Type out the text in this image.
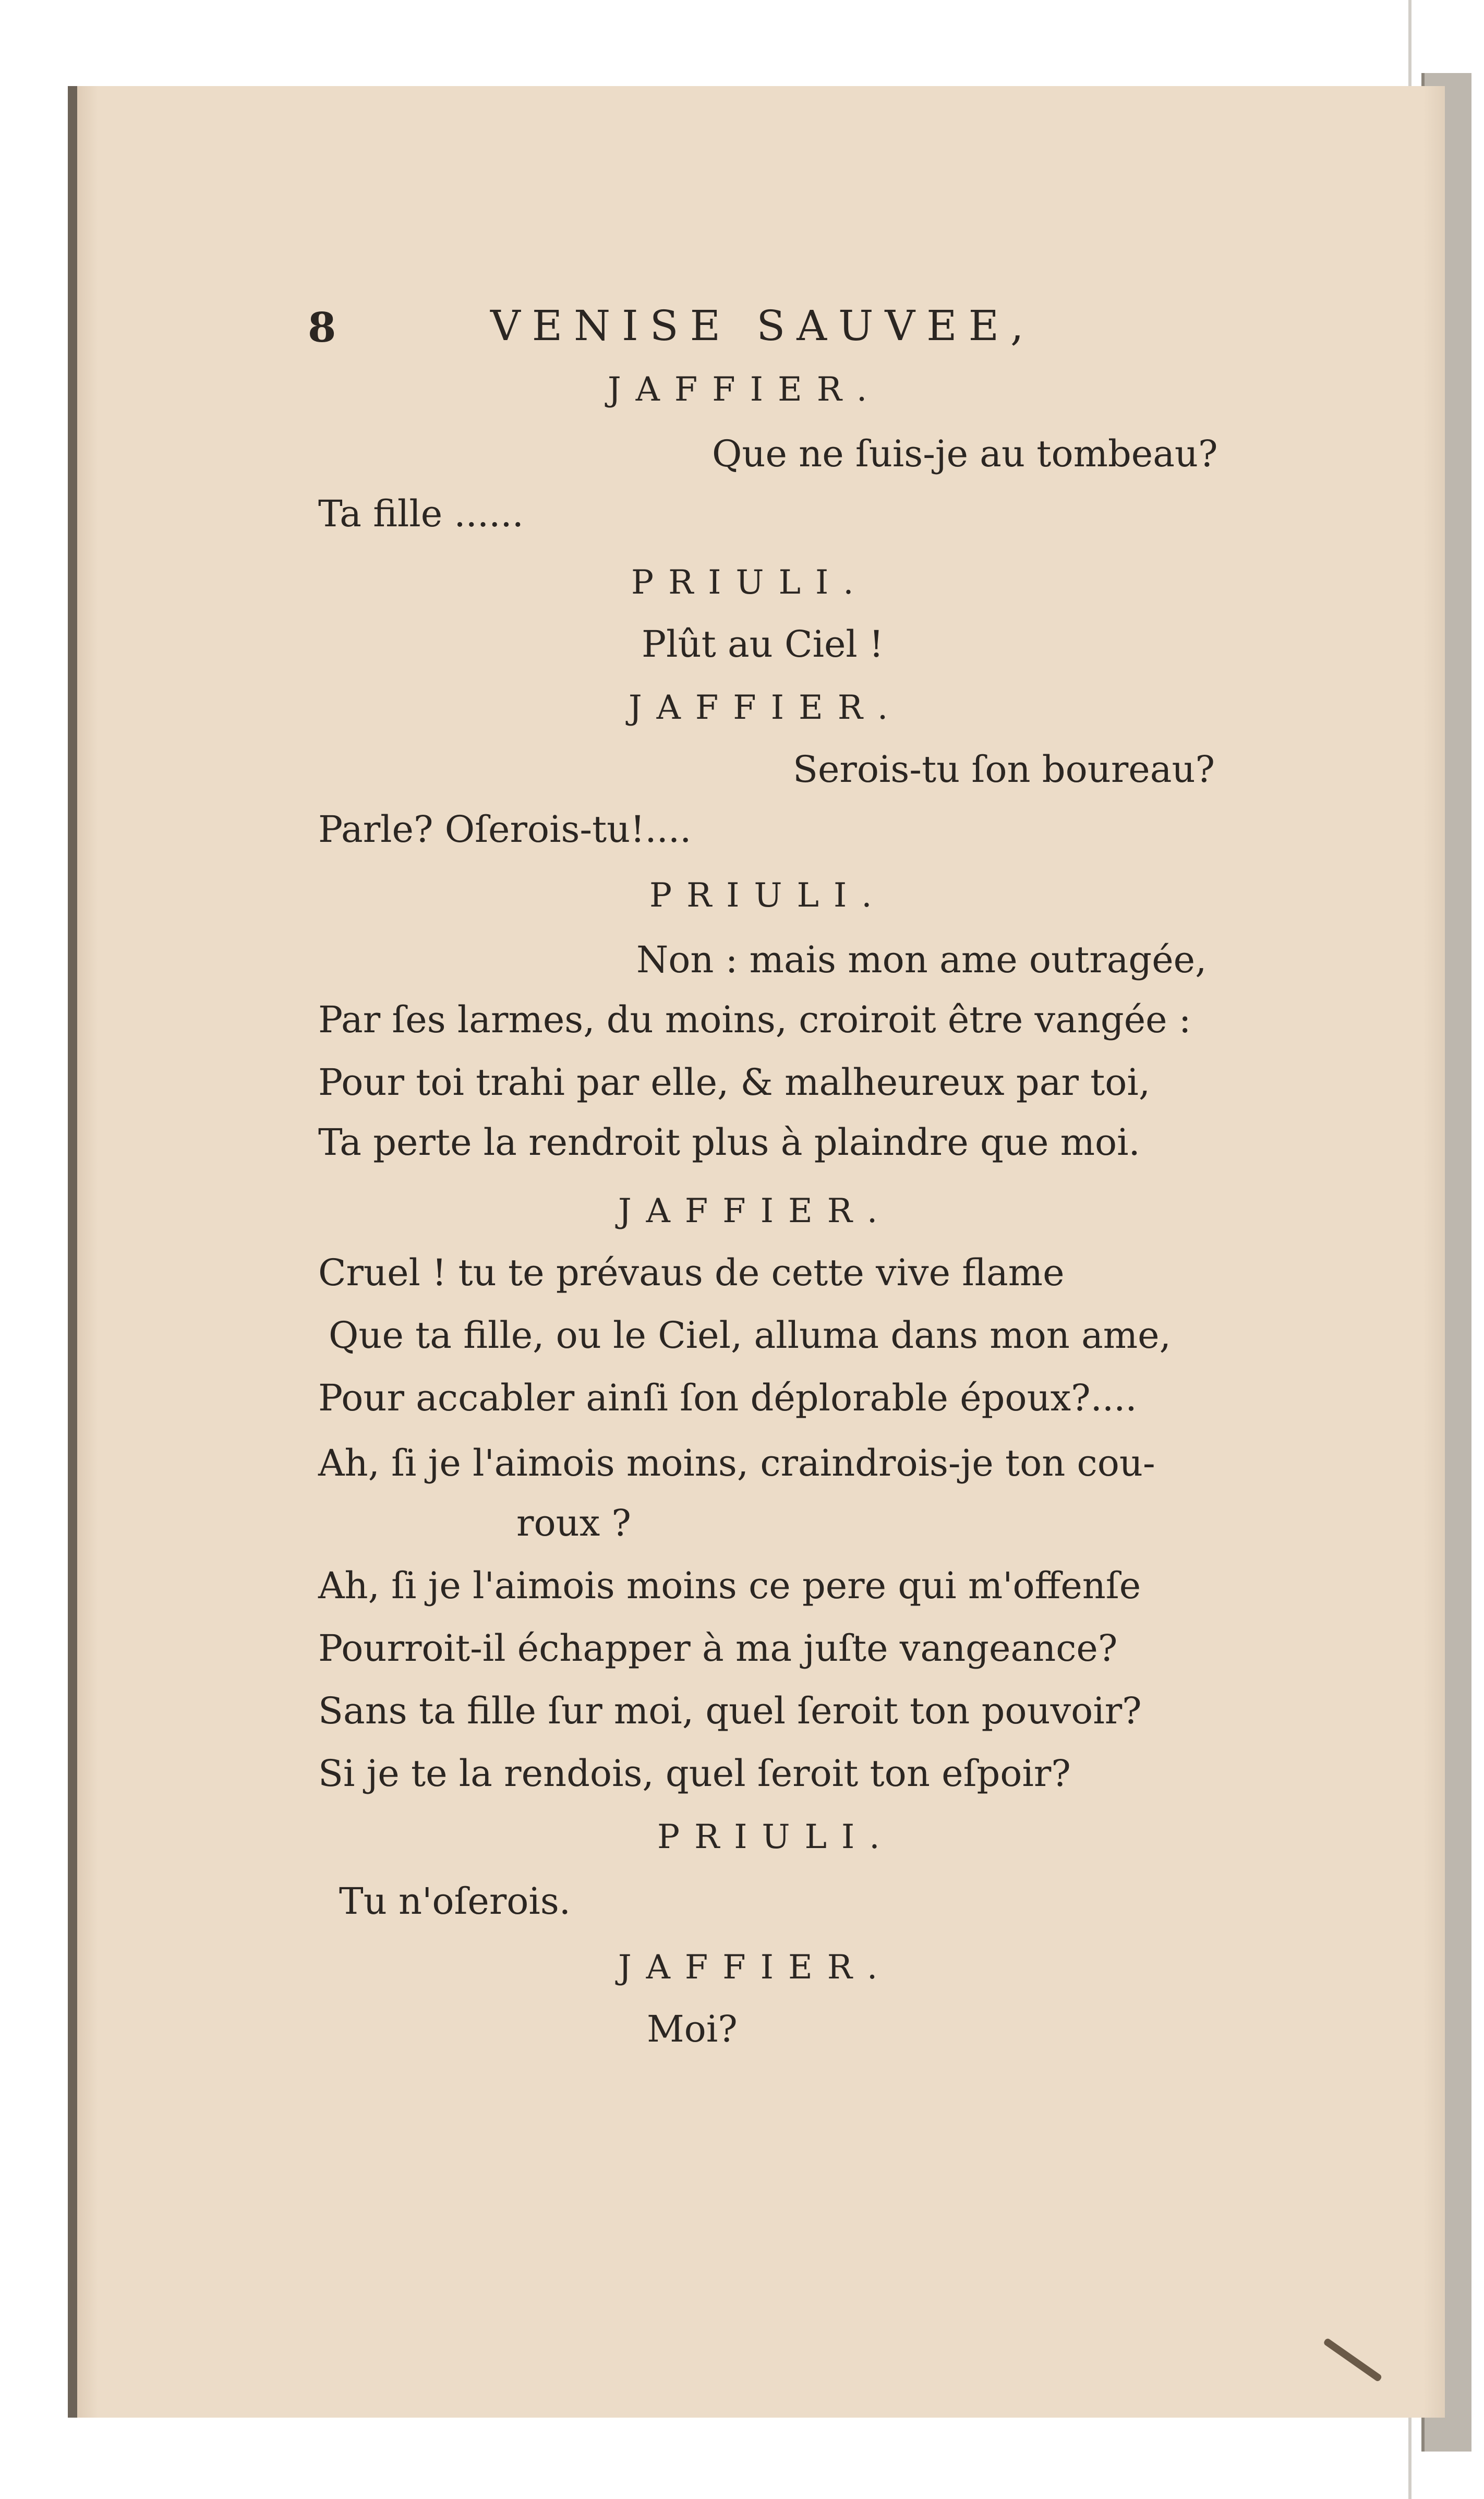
8	VENISE SAUVEE,
JAFFIER.
Que ne ſuis-je au tombeau?
Ta fille ......
PRIULI.
Plût au Ciel !
JAFFIER.
Serois-tu ſon boureau?
Parle? Oſerois-tu!....
PRIULI.
Non : mais mon ame outragée,
Par ſes larmes, du moins, croiroit être vangée :
Pour toi trahi par elle, & malheureux par toi,
Ta perte la rendroit plus à plaindre que moi.
JAFFIER.
Cruel ! tu te prévaus de cette vive flame
Que ta fille, ou le Ciel, alluma dans mon ame,
Pour accabler ainſi ſon déplorable époux?....
Ah, ſi je l'aimois moins, craindrois-je ton cou-
roux ?
Ah, ſi je l'aimois moins ce pere qui m'offenſe
Pourroit-il échapper à ma juſte vangeance?
Sans ta fille ſur moi, quel ſeroit ton pouvoir?
Si je te la rendois, quel ſeroit ton eſpoir?
PRIULI.
Tu n'oſerois.
JAFFIER.
Moi?
